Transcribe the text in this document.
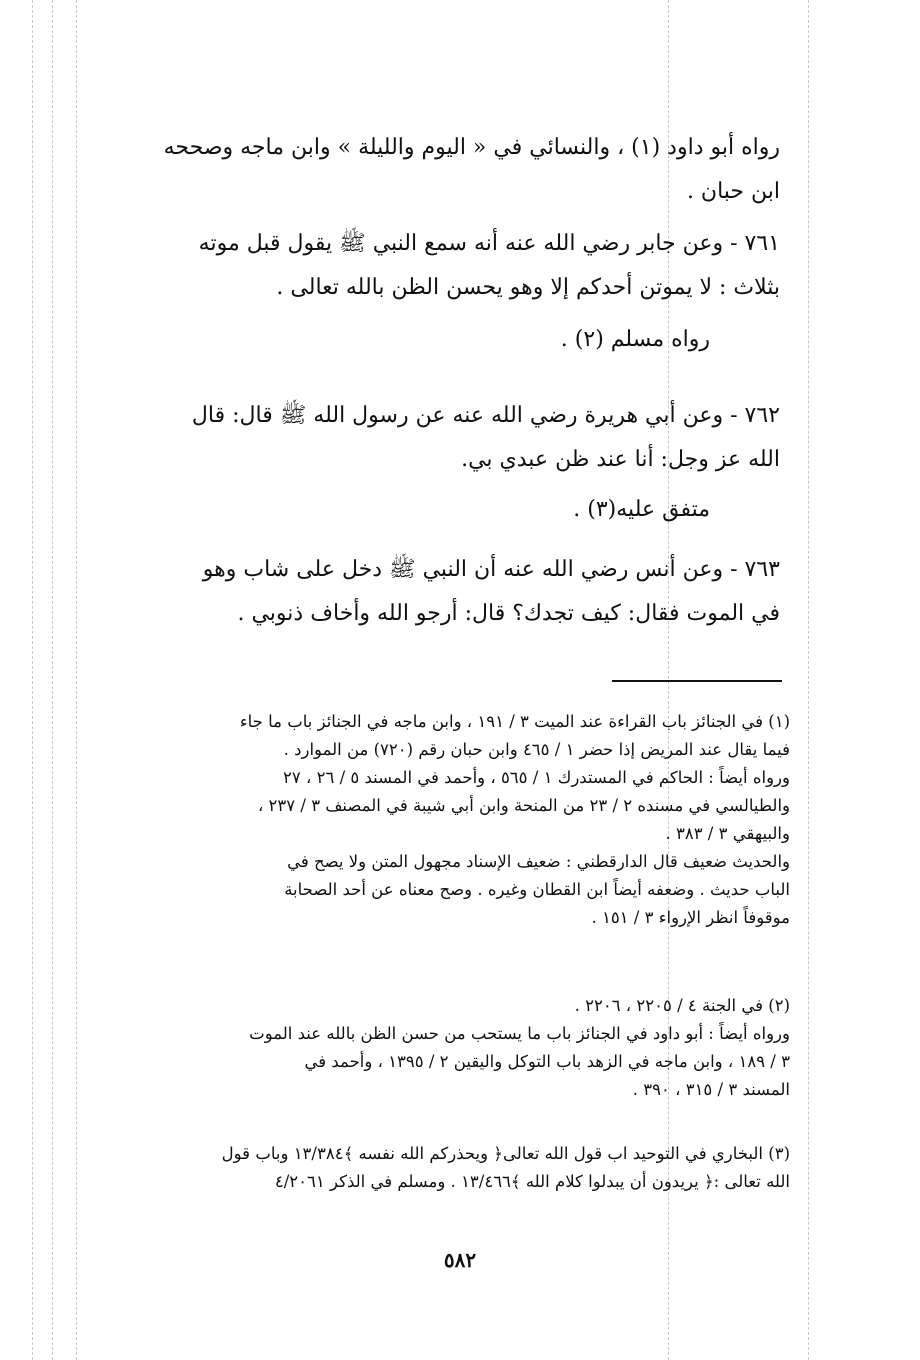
رواه أبو داود (١) ، والنسائي في « اليوم والليلة » وابن ماجه وصححه
ابن حبان .
٧٦١ - وعن جابر رضي الله عنه أنه سمع النبي ﷺ يقول قبل موته
بثلاث : لا يموتن أحدكم إلا وهو يحسن الظن بالله تعالى .
رواه مسلم (٢) .
٧٦٢ - وعن أبي هريرة رضي الله عنه عن رسول الله ﷺ قال: قال
الله عز وجل: أنا عند ظن عبدي بي.
متفق عليه(٣) .
٧٦٣ - وعن أنس رضي الله عنه أن النبي ﷺ دخل على شاب وهو
في الموت فقال: كيف تجدك؟ قال: أرجو الله وأخاف ذنوبي .
(١) في الجنائز باب القراءة عند الميت ٣ / ١٩١ ، وابن ماجه في الجنائز باب ما جاء
فيما يقال عند المريض إذا حضر ١ / ٤٦٥ وابن حبان رقم (٧٢٠) من الموارد .
ورواه أيضاً : الحاكم في المستدرك ١ / ٥٦٥ ، وأحمد في المسند ٥ / ٢٦ ، ٢٧
والطيالسي في مسنده ٢ / ٢٣ من المنحة وابن أبي شيبة في المصنف ٣ / ٢٣٧ ،
والبيهقي ٣ / ٣٨٣ .
والحديث ضعيف قال الدارقطني : ضعيف الإسناد مجهول المتن ولا يصح في
الباب حديث . وضعفه أيضاً ابن القطان وغيره . وصح معناه عن أحد الصحابة
موقوفاً انظر الإرواء ٣ / ١٥١ .
(٢) في الجنة ٤ / ٢٢٠٥ ، ٢٢٠٦ .
ورواه أيضاً : أبو داود في الجنائز باب ما يستحب من حسن الظن بالله عند الموت
٣ / ١٨٩ ، وابن ماجه في الزهد باب التوكل واليقين ٢ / ١٣٩٥ ، وأحمد في
المسند ٣ / ٣١٥ ، ٣٩٠ .
(٣) البخاري في التوحيد اب قول الله تعالى﴿ ويحذركم الله نفسه ﴾١٣/٣٨٤ وباب قول
الله تعالى :﴿ يريدون أن يبدلوا كلام الله ﴾١٣/٤٦٦ . ومسلم في الذكر ٤/٢٠٦١
٥٨٢
